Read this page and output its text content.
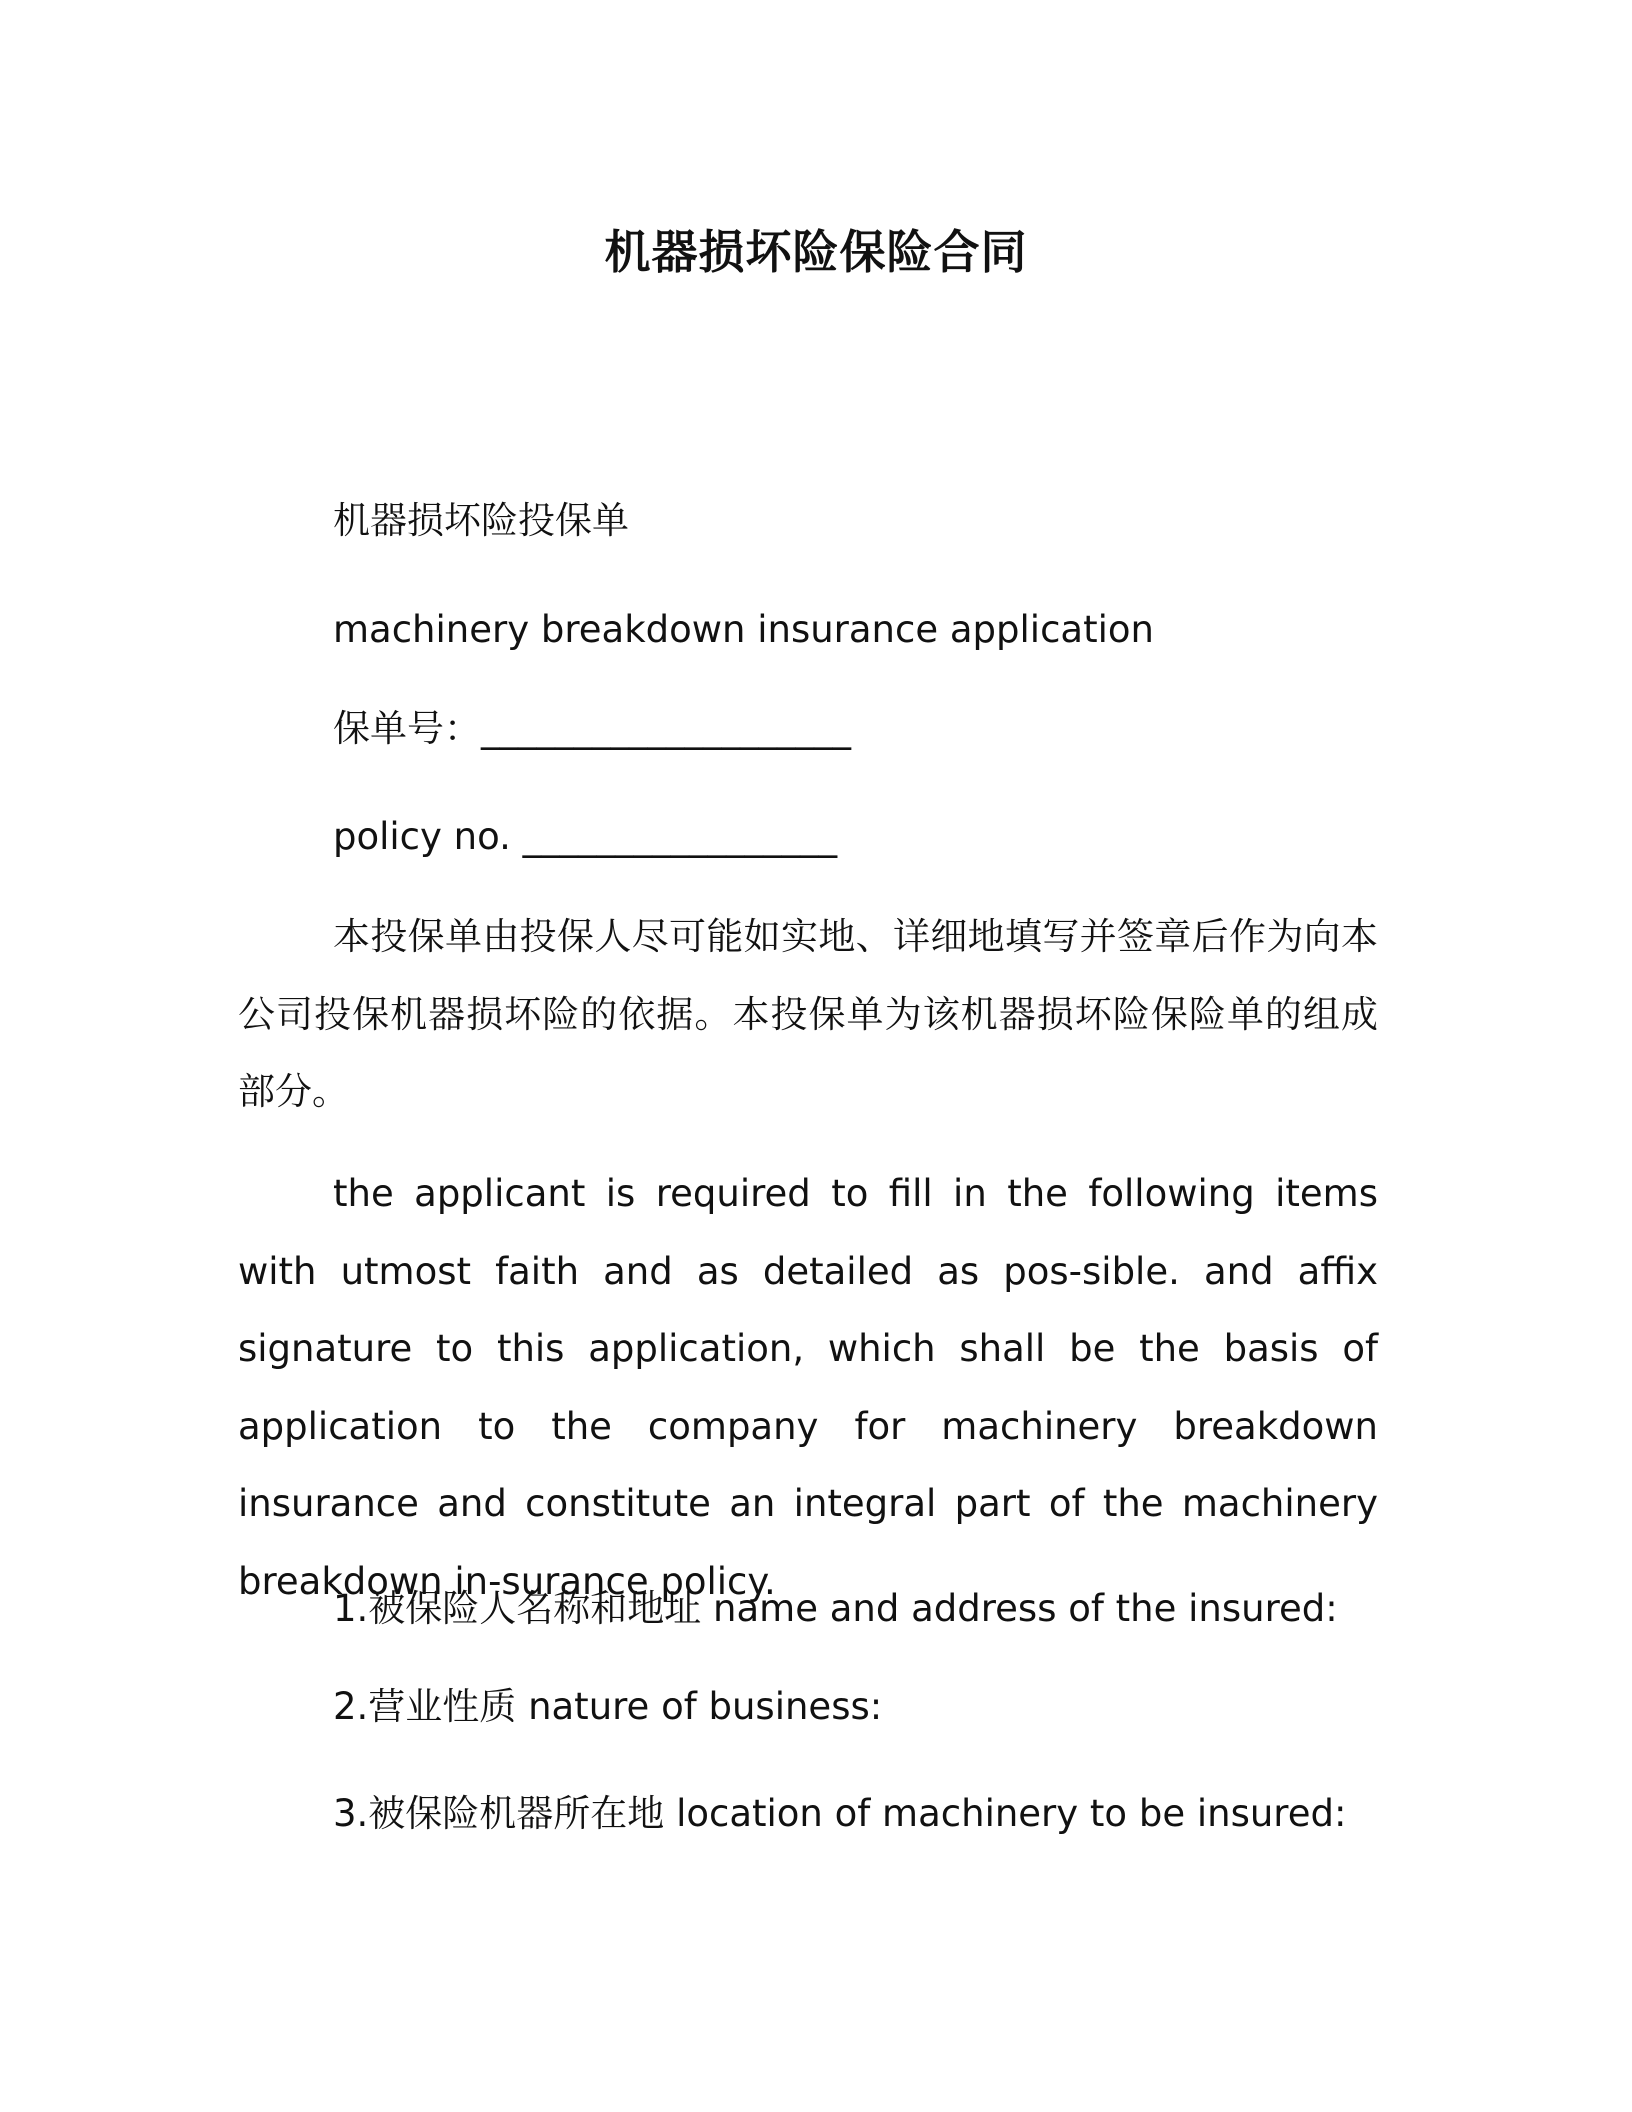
机器损坏险保险合同
机器损坏险投保单
machinery breakdown insurance application
保单号：____________________
policy no. _________________
本投保单由投保人尽可能如实地、详细地填写并签章后作为向本公司投保机器损坏险的依据。本投保单为该机器损坏险保险单的组成部分。
the applicant is required to fill in the following items with utmost faith and as detailed as pos-sible. and affix signature to this application, which shall be the basis of application to the company for machinery breakdown insurance and constitute an integral part of the machinery breakdown in-surance policy.
1.被保险人名称和地址 name and address of the insured:
2.营业性质 nature of business:
3.被保险机器所在地 location of machinery to be insured:
